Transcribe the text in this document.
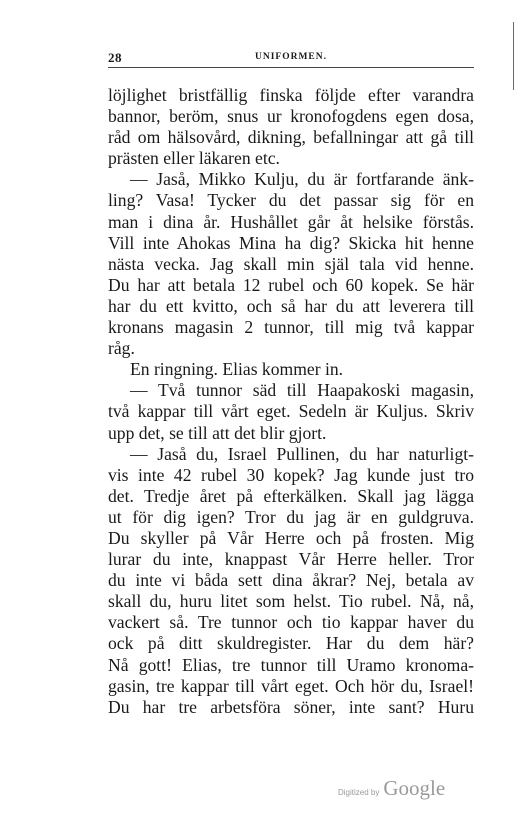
28	UNIFORMEN.
löjlighet bristfällig finska följde efter varandra
bannor, beröm, snus ur kronofogdens egen dosa,
råd om hälsovård, dikning, befallningar att gå till
prästen eller läkaren etc.
— Jaså, Mikko Kulju, du är fortfarande änk-
ling? Vasa! Tycker du det passar sig för en
man i dina år. Hushållet går åt helsike förstås.
Vill inte Ahokas Mina ha dig? Skicka hit henne
nästa vecka. Jag skall min själ tala vid henne.
Du har att betala 12 rubel och 60 kopek. Se här
har du ett kvitto, och så har du att leverera till
kronans magasin 2 tunnor, till mig två kappar
råg.
En ringning. Elias kommer in.
— Två tunnor säd till Haapakoski magasin,
två kappar till vårt eget. Sedeln är Kuljus. Skriv
upp det, se till att det blir gjort.
— Jaså du, Israel Pullinen, du har naturligt-
vis inte 42 rubel 30 kopek? Jag kunde just tro
det. Tredje året på efterkälken. Skall jag lägga
ut för dig igen? Tror du jag är en guldgruva.
Du skyller på Vår Herre och på frosten. Mig
lurar du inte, knappast Vår Herre heller. Tror
du inte vi båda sett dina åkrar? Nej, betala av
skall du, huru litet som helst. Tio rubel. Nå, nå,
vackert så. Tre tunnor och tio kappar haver du
ock på ditt skuldregister. Har du dem här?
Nå gott! Elias, tre tunnor till Uramo kronoma-
gasin, tre kappar till vårt eget. Och hör du, Israel!
Du har tre arbetsföra söner, inte sant? Huru
Digitized by Google
